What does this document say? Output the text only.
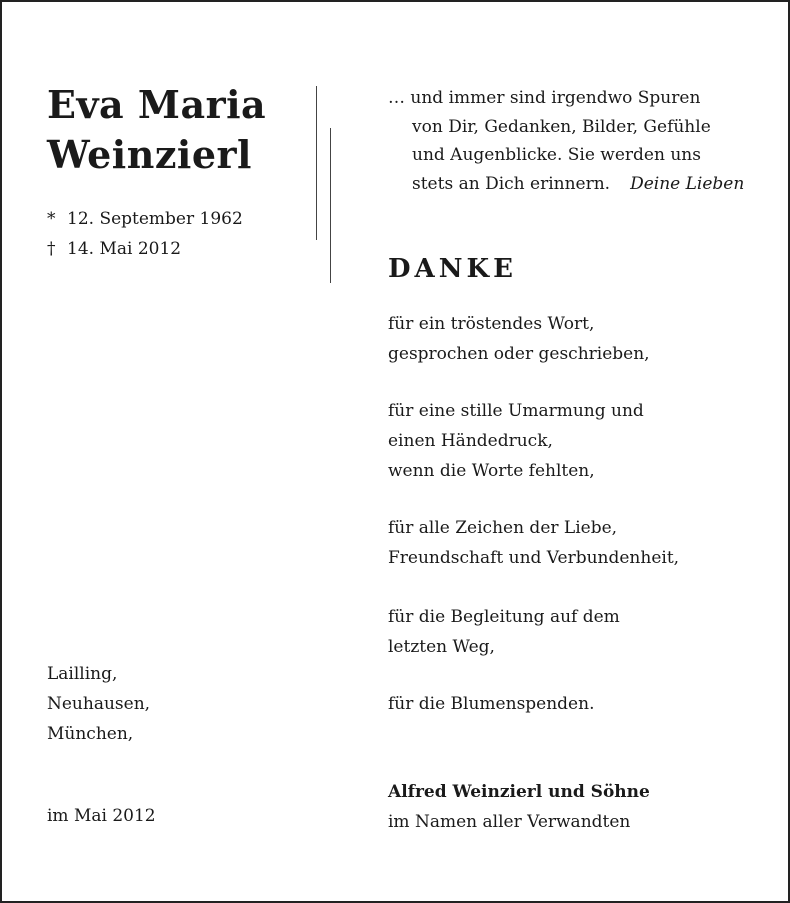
Eva Maria
Weinzierl
* 12. September 1962
† 14. Mai 2012
… und immer sind irgendwo Spuren
von Dir, Gedanken, Bilder, Gefühle
und Augenblicke. Sie werden uns
stets an Dich erinnern. Deine Lieben
DANKE
für ein tröstendes Wort,
gesprochen oder geschrieben,
für eine stille Umarmung und
einen Händedruck,
wenn die Worte fehlten,
für alle Zeichen der Liebe,
Freundschaft und Verbundenheit,
für die Begleitung auf dem
letzten Weg,
für die Blumenspenden.
Lailling,
Neuhausen,
München,
im Mai 2012
Alfred Weinzierl und Söhne
im Namen aller Verwandten
